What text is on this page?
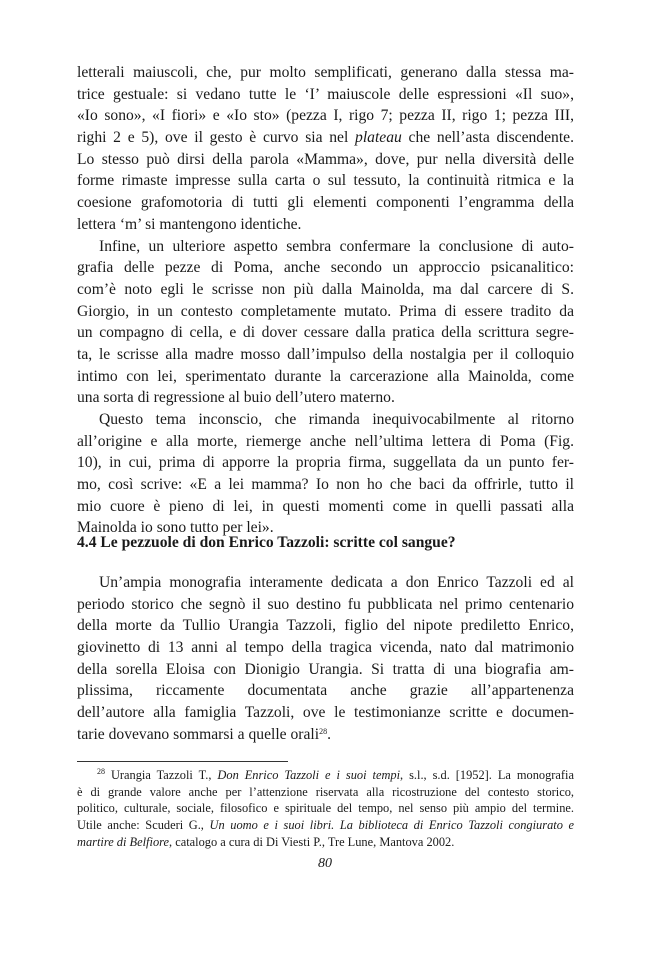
letterali maiuscoli, che, pur molto semplificati, generano dalla stessa ma-
trice gestuale: si vedano tutte le ‘I’ maiuscole delle espressioni «Il suo»,
«Io sono», «I fiori» e «Io sto» (pezza I, rigo 7; pezza II, rigo 1; pezza III,
righi 2 e 5), ove il gesto è curvo sia nel plateau che nell’asta discendente.
Lo stesso può dirsi della parola «Mamma», dove, pur nella diversità delle
forme rimaste impresse sulla carta o sul tessuto, la continuità ritmica e la
coesione grafomotoria di tutti gli elementi componenti l’engramma della
lettera ‘m’ si mantengono identiche.
Infine, un ulteriore aspetto sembra confermare la conclusione di auto-
grafia delle pezze di Poma, anche secondo un approccio psicanalitico:
com’è noto egli le scrisse non più dalla Mainolda, ma dal carcere di S.
Giorgio, in un contesto completamente mutato. Prima di essere tradito da
un compagno di cella, e di dover cessare dalla pratica della scrittura segre-
ta, le scrisse alla madre mosso dall’impulso della nostalgia per il colloquio
intimo con lei, sperimentato durante la carcerazione alla Mainolda, come
una sorta di regressione al buio dell’utero materno.
Questo tema inconscio, che rimanda inequivocabilmente al ritorno
all’origine e alla morte, riemerge anche nell’ultima lettera di Poma (Fig.
10), in cui, prima di apporre la propria firma, suggellata da un punto fer-
mo, così scrive: «E a lei mamma? Io non ho che baci da offrirle, tutto il
mio cuore è pieno di lei, in questi momenti come in quelli passati alla
Mainolda io sono tutto per lei».
4.4 Le pezzuole di don Enrico Tazzoli: scritte col sangue?
Un’ampia monografia interamente dedicata a don Enrico Tazzoli ed al
periodo storico che segnò il suo destino fu pubblicata nel primo centenario
della morte da Tullio Urangia Tazzoli, figlio del nipote prediletto Enrico,
giovinetto di 13 anni al tempo della tragica vicenda, nato dal matrimonio
della sorella Eloisa con Dionigio Urangia. Si tratta di una biografia am-
plissima, riccamente documentata anche grazie all’appartenenza
dell’autore alla famiglia Tazzoli, ove le testimonianze scritte e documen-
tarie dovevano sommarsi a quelle orali$^{28}$.
$^{28}$ Urangia Tazzoli T., Don Enrico Tazzoli e i suoi tempi, s.l., s.d. [1952]. La monografia
è di grande valore anche per l’attenzione riservata alla ricostruzione del contesto storico,
politico, culturale, sociale, filosofico e spirituale del tempo, nel senso più ampio del termine.
Utile anche: Scuderi G., Un uomo e i suoi libri. La biblioteca di Enrico Tazzoli congiurato e
martire di Belfiore, catalogo a cura di Di Viesti P., Tre Lune, Mantova 2002.
80
